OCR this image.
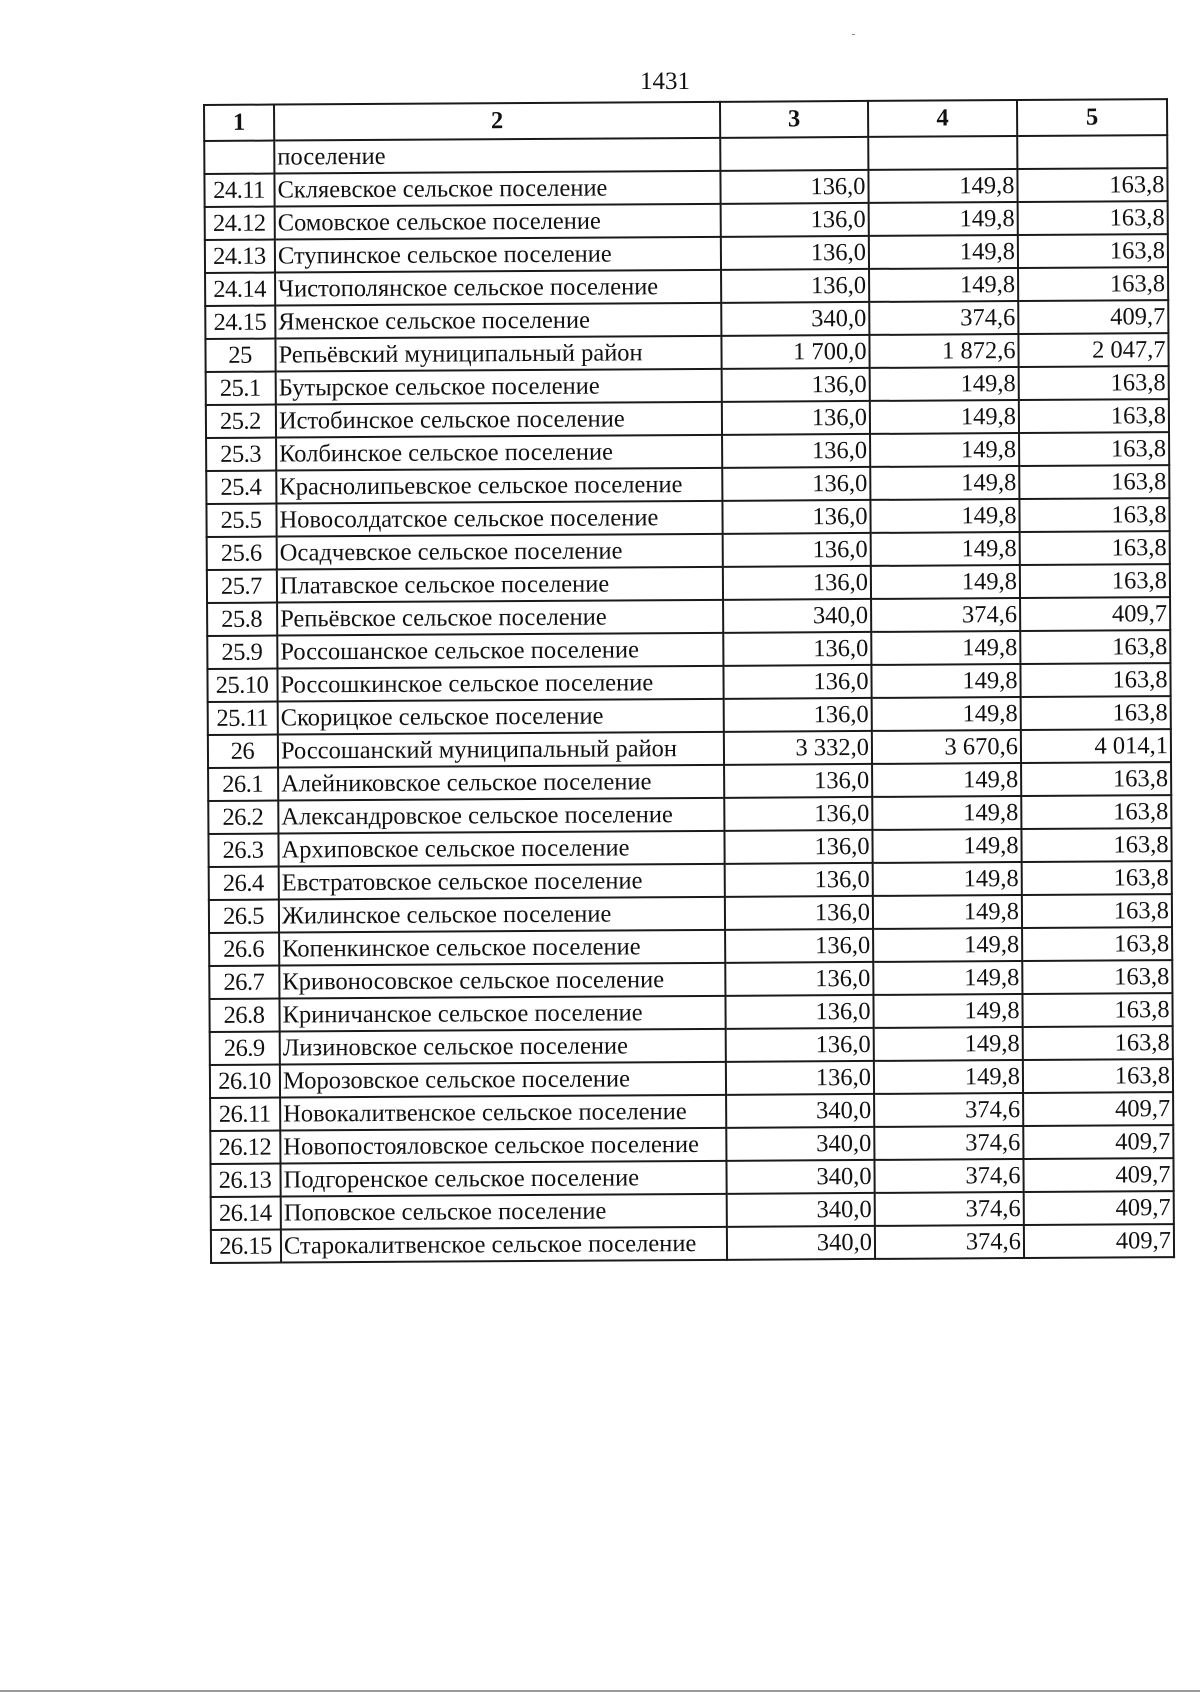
1431
1	2	3	4	5
	поселение			
24.11	Скляевское сельское поселение	136,0	149,8	163,8
24.12	Сомовское сельское поселение	136,0	149,8	163,8
24.13	Ступинское сельское поселение	136,0	149,8	163,8
24.14	Чистополянское сельское поселение	136,0	149,8	163,8
24.15	Яменское сельское поселение	340,0	374,6	409,7
25	Репьёвский муниципальный район	1 700,0	1 872,6	2 047,7
25.1	Бутырское сельское поселение	136,0	149,8	163,8
25.2	Истобинское сельское поселение	136,0	149,8	163,8
25.3	Колбинское сельское поселение	136,0	149,8	163,8
25.4	Краснолипьевское сельское поселение	136,0	149,8	163,8
25.5	Новосолдатское сельское поселение	136,0	149,8	163,8
25.6	Осадчевское сельское поселение	136,0	149,8	163,8
25.7	Платавское сельское поселение	136,0	149,8	163,8
25.8	Репьёвское сельское поселение	340,0	374,6	409,7
25.9	Россошанское сельское поселение	136,0	149,8	163,8
25.10	Россошкинское сельское поселение	136,0	149,8	163,8
25.11	Скорицкое сельское поселение	136,0	149,8	163,8
26	Россошанский муниципальный район	3 332,0	3 670,6	4 014,1
26.1	Алейниковское сельское поселение	136,0	149,8	163,8
26.2	Александровское сельское поселение	136,0	149,8	163,8
26.3	Архиповское сельское поселение	136,0	149,8	163,8
26.4	Евстратовское сельское поселение	136,0	149,8	163,8
26.5	Жилинское сельское поселение	136,0	149,8	163,8
26.6	Копенкинское сельское поселение	136,0	149,8	163,8
26.7	Кривоносовское сельское поселение	136,0	149,8	163,8
26.8	Криничанское сельское поселение	136,0	149,8	163,8
26.9	Лизиновское сельское поселение	136,0	149,8	163,8
26.10	Морозовское сельское поселение	136,0	149,8	163,8
26.11	Новокалитвенское сельское поселение	340,0	374,6	409,7
26.12	Новопостояловское сельское поселение	340,0	374,6	409,7
26.13	Подгоренское сельское поселение	340,0	374,6	409,7
26.14	Поповское сельское поселение	340,0	374,6	409,7
26.15	Старокалитвенское сельское поселение	340,0	374,6	409,7
